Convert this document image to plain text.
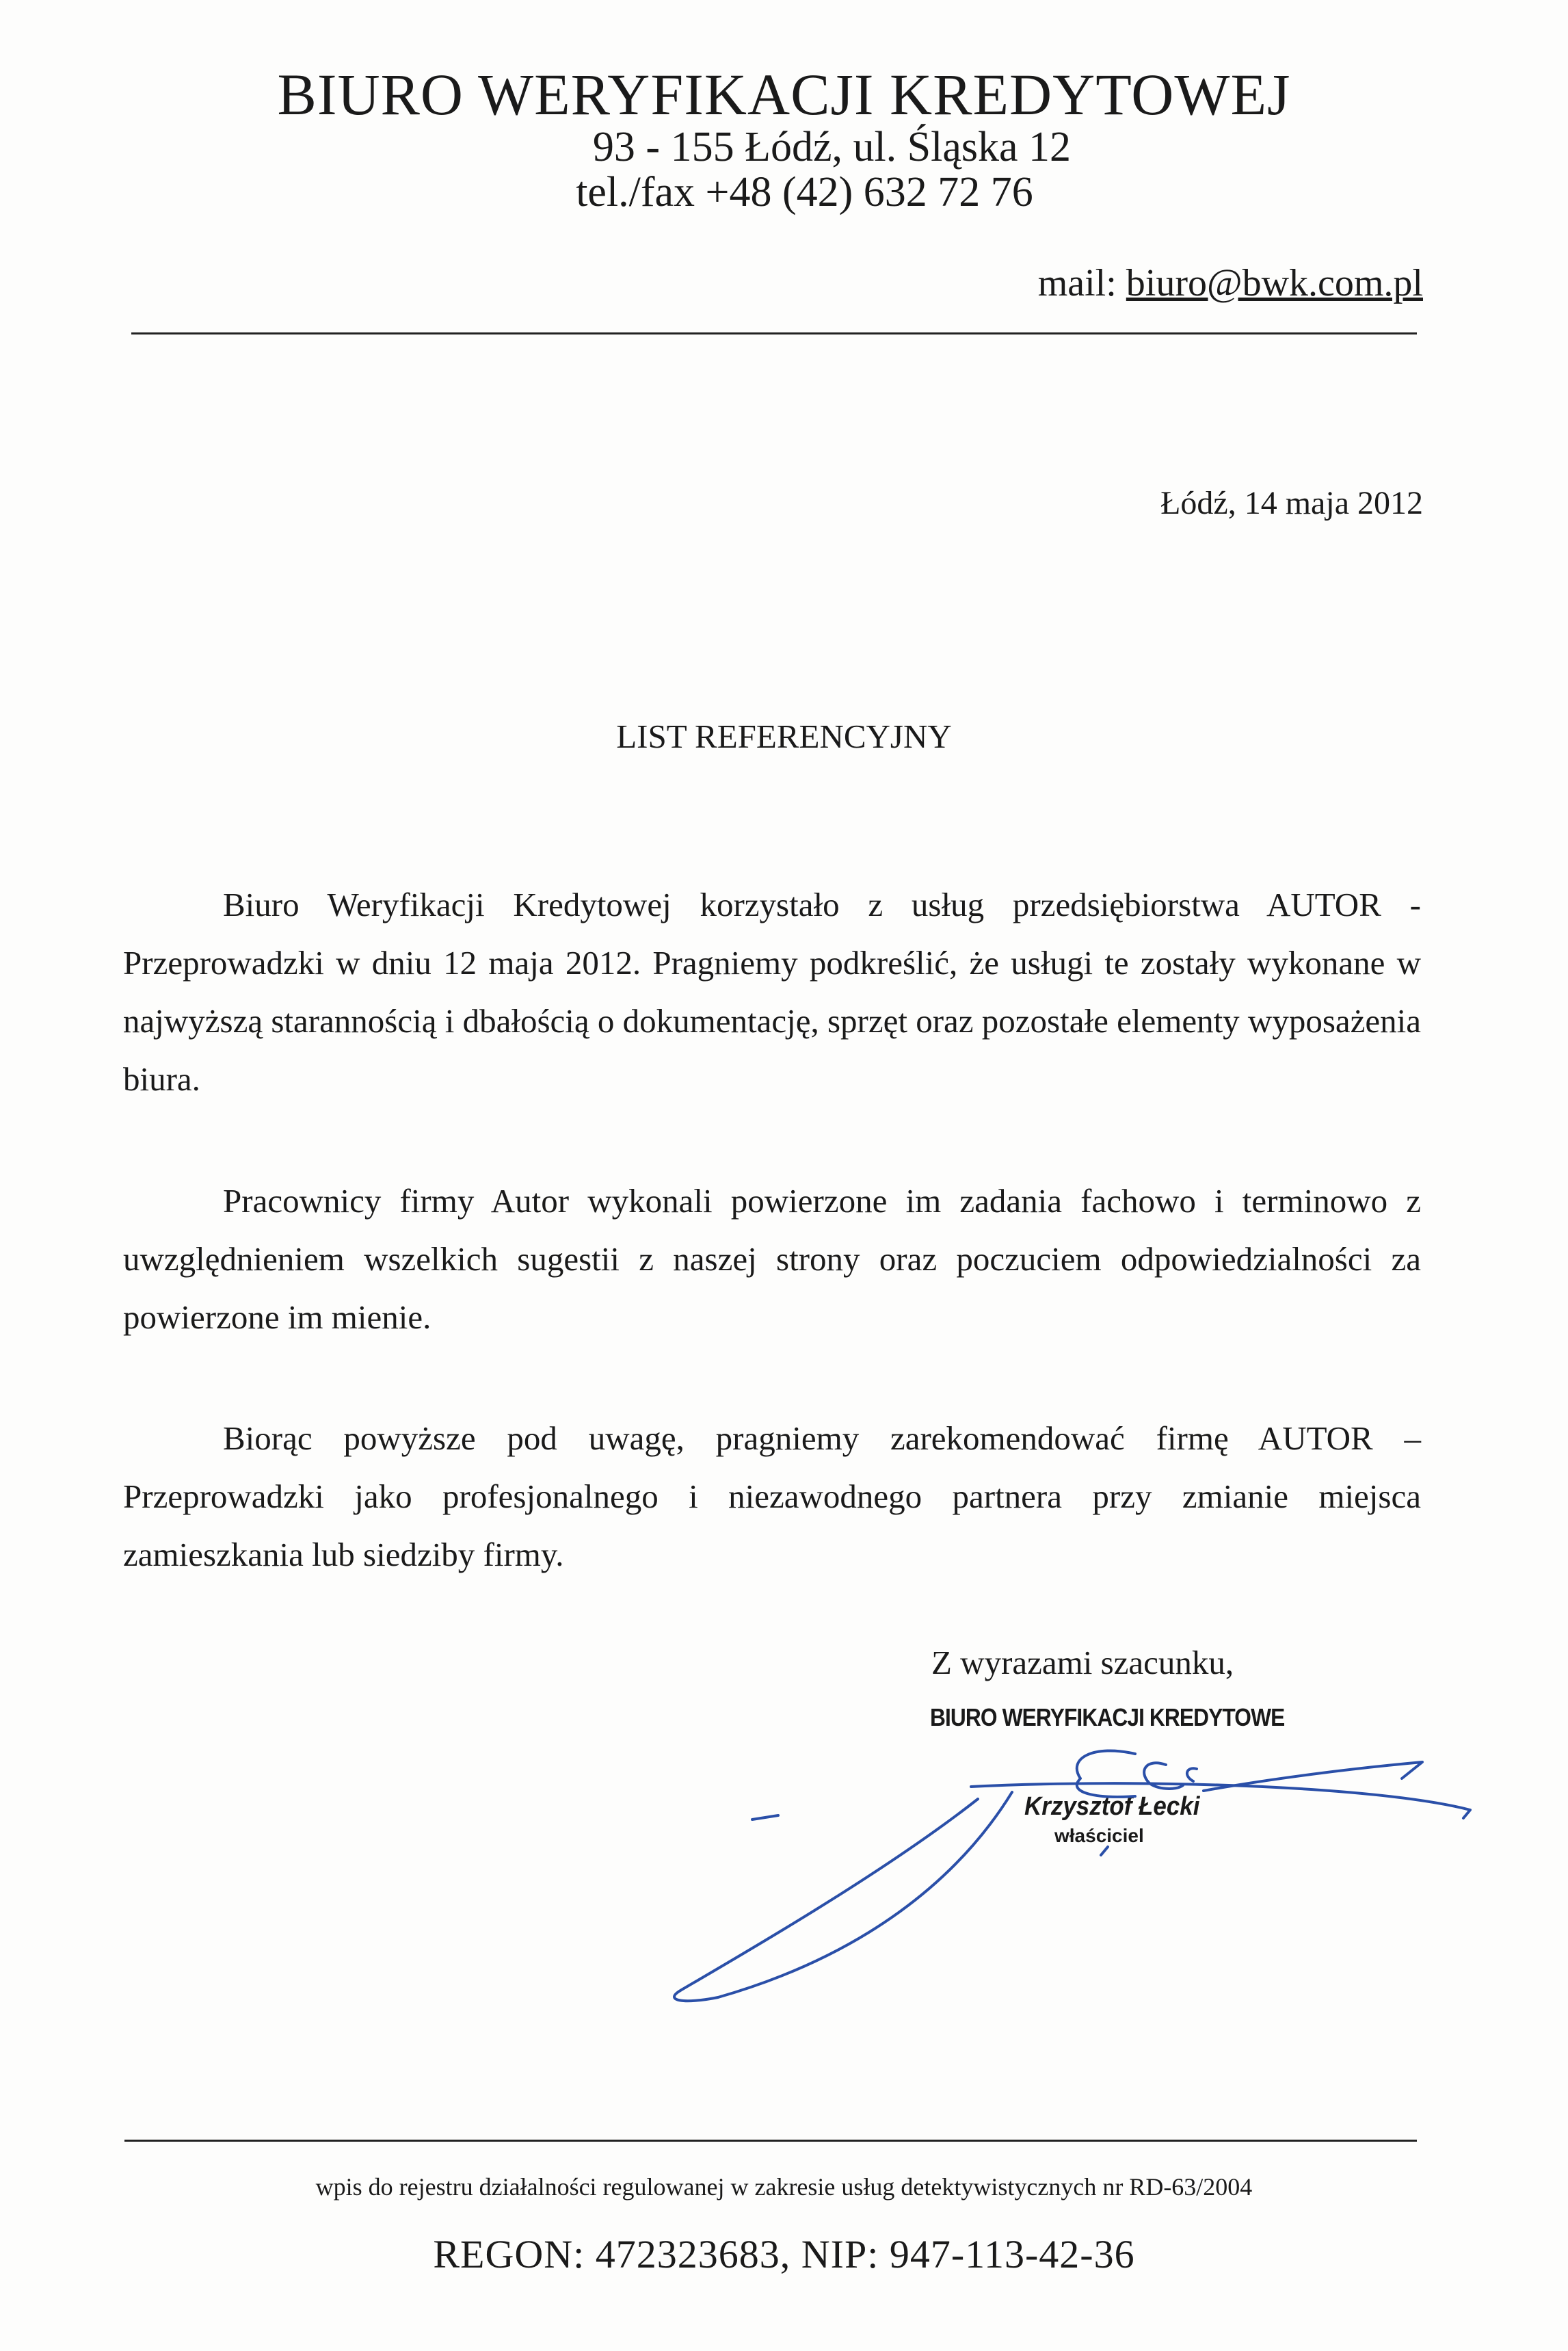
BIURO WERYFIKACJI KREDYTOWEJ
93 - 155 Łódź, ul. Śląska 12
tel./fax +48 (42) 632 72 76
mail: biuro@bwk.com.pl
Łódź, 14 maja 2012
LIST REFERENCYJNY
Biuro Weryfikacji Kredytowej korzystało z usług przedsiębiorstwa AUTOR - Przeprowadzki w dniu 12 maja 2012. Pragniemy podkreślić, że usługi te zostały wykonane w najwyższą starannością i dbałością o dokumentację, sprzęt oraz pozostałe elementy wyposażenia biura.
Pracownicy firmy Autor wykonali powierzone im zadania fachowo i terminowo z uwzględnieniem wszelkich sugestii z naszej strony oraz poczuciem odpowiedzialności za powierzone im mienie.
Biorąc powyższe pod uwagę, pragniemy zarekomendować firmę AUTOR – Przeprowadzki jako profesjonalnego i niezawodnego partnera przy zmianie miejsca zamieszkania lub siedziby firmy.
Z wyrazami szacunku,
BIURO WERYFIKACJI KREDYTOWE
Krzysztof Łecki
właściciel
wpis do rejestru działalności regulowanej w zakresie usług detektywistycznych nr RD-63/2004
REGON: 472323683, NIP: 947-113-42-36
